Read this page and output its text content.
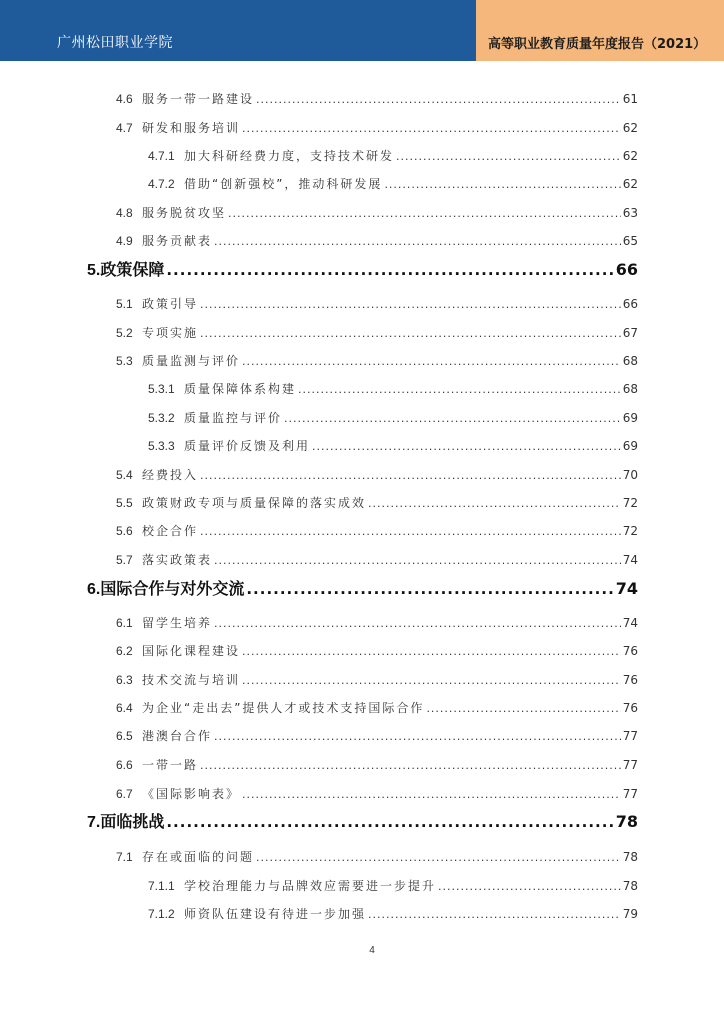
广州松田职业学院	高等职业教育质量年度报告（2021）
4.6 服务一带一路建设 .....	61
4.7 研发和服务培训 .....	62
4.7.1 加大科研经费力度，支持技术研发 .....	62
4.7.2 借助“创新强校”，推动科研发展 .....	62
4.8 服务脱贫攻坚 .....	63
4.9 服务贡献表 .....	65
5. 政策保障 .....	66
5.1 政策引导 .....	66
5.2 专项实施 .....	67
5.3 质量监测与评价 .....	68
5.3.1 质量保障体系构建 .....	68
5.3.2 质量监控与评价 .....	69
5.3.3 质量评价反馈及利用 .....	69
5.4 经费投入 .....	70
5.5 政策财政专项与质量保障的落实成效 .....	72
5.6 校企合作 .....	72
5.7 落实政策表 .....	74
6. 国际合作与对外交流 .....	74
6.1 留学生培养 .....	74
6.2 国际化课程建设 .....	76
6.3 技术交流与培训 .....	76
6.4 为企业“走出去”提供人才或技术支持国际合作 .....	76
6.5 港澳台合作 .....	77
6.6 一带一路 .....	77
6.7 《国际影响表》 .....	77
7. 面临挑战 .....	78
7.1 存在或面临的问题 .....	78
7.1.1 学校治理能力与品牌效应需要进一步提升 .....	78
7.1.2 师资队伍建设有待进一步加强 .....	79
4
